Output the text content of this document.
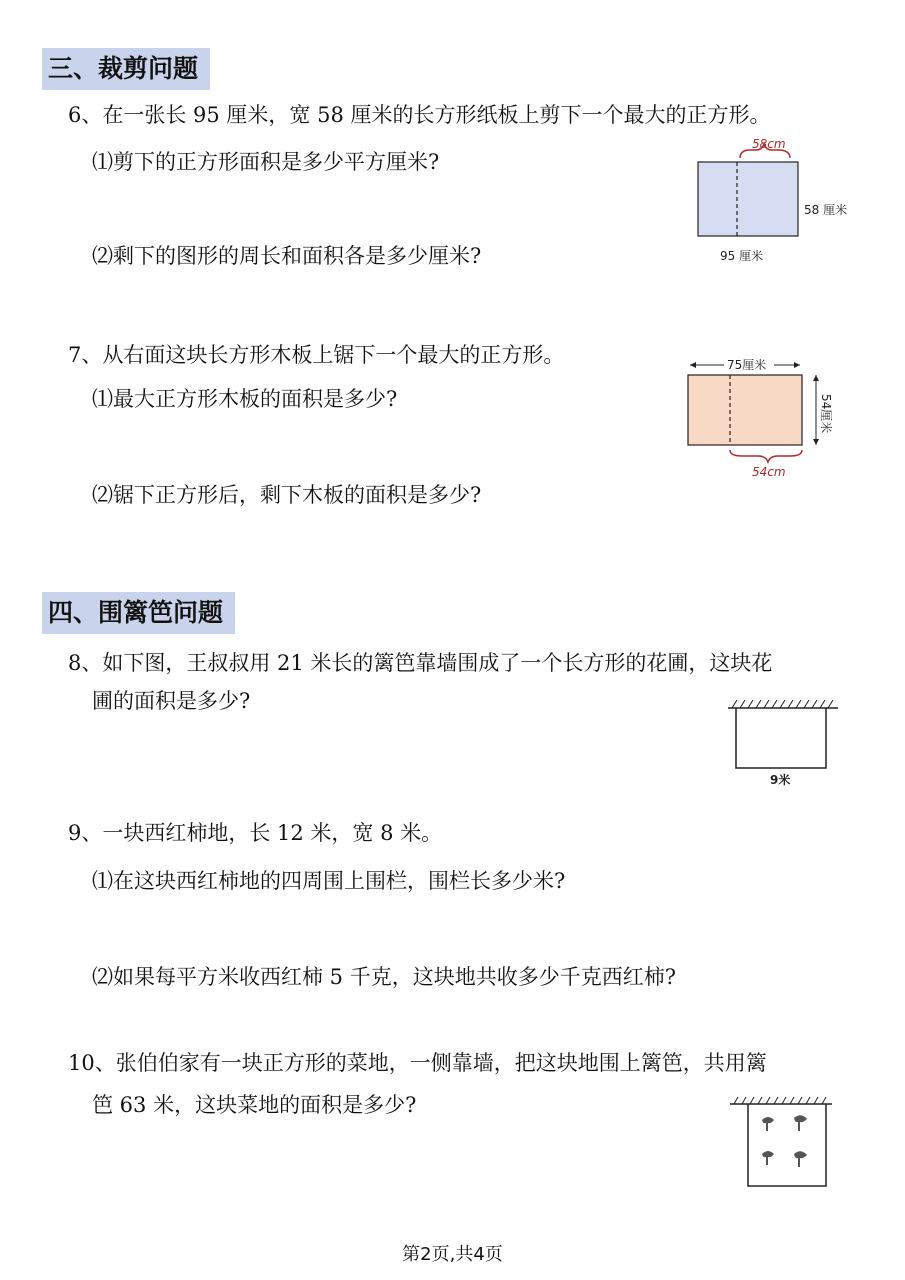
三、裁剪问题
6、在一张长 95 厘米，宽 58 厘米的长方形纸板上剪下一个最大的正方形。
⑴剪下的正方形面积是多少平方厘米?
⑵剩下的图形的周长和面积各是多少厘米?
58cm
58 厘米
95 厘米
7、从右面这块长方形木板上锯下一个最大的正方形。
⑴最大正方形木板的面积是多少?
⑵锯下正方形后，剩下木板的面积是多少?
75厘米
54厘米
54cm
四、围篱笆问题
8、如下图，王叔叔用 21 米长的篱笆靠墙围成了一个长方形的花圃，这块花
圃的面积是多少?
9米
9、一块西红柿地，长 12 米，宽 8 米。
⑴在这块西红柿地的四周围上围栏，围栏长多少米?
⑵如果每平方米收西红柿 5 千克，这块地共收多少千克西红柿?
10、张伯伯家有一块正方形的菜地，一侧靠墙，把这块地围上篱笆，共用篱
笆 63 米，这块菜地的面积是多少?
第2页,共4页
